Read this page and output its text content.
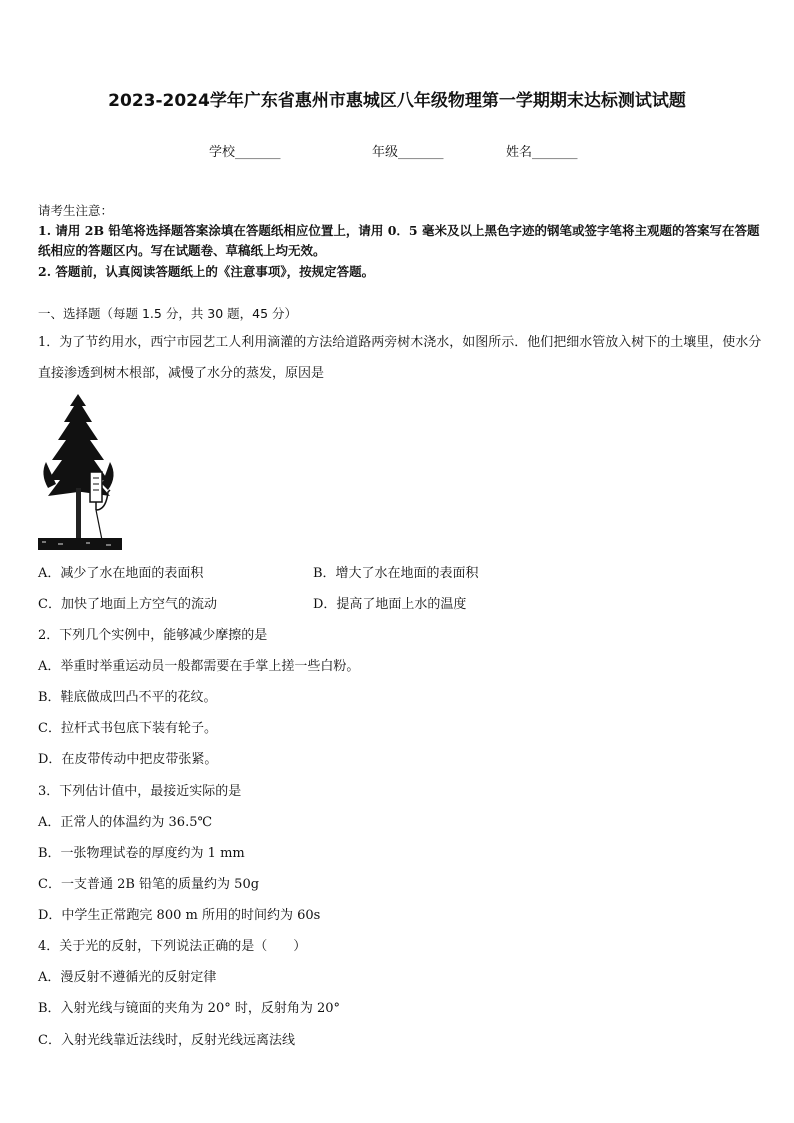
2023-2024学年广东省惠州市惠城区八年级物理第一学期期末达标测试试题
学校_______	年级_______	姓名_______
请考生注意：
1. 请用 2B 铅笔将选择题答案涂填在答题纸相应位置上，请用 0．5 毫米及以上黑色字迹的钢笔或签字笔将主观题的答案写在答题纸相应的答题区内。写在试题卷、草稿纸上均无效。
2. 答题前，认真阅读答题纸上的《注意事项》，按规定答题。
一、选择题（每题 1.5 分，共 30 题，45 分）
1．为了节约用水，西宁市园艺工人利用滴灌的方法给道路两旁树木浇水，如图所示．他们把细水管放入树下的土壤里，使水分直接渗透到树木根部，减慢了水分的蒸发，原因是
A．减少了水在地面的表面积	B．增大了水在地面的表面积
C．加快了地面上方空气的流动	D．提高了地面上水的温度
2．下列几个实例中，能够减少摩擦的是
A．举重时举重运动员一般都需要在手掌上搓一些白粉。
B．鞋底做成凹凸不平的花纹。
C．拉杆式书包底下装有轮子。
D．在皮带传动中把皮带张紧。
3．下列估计值中，最接近实际的是
A．正常人的体温约为 36.5℃
B．一张物理试卷的厚度约为 1 mm
C．一支普通 2B 铅笔的质量约为 50g
D．中学生正常跑完 800 m 所用的时间约为 60s
4．关于光的反射，下列说法正确的是（　　）
A．漫反射不遵循光的反射定律
B．入射光线与镜面的夹角为 20° 时，反射角为 20°
C．入射光线靠近法线时，反射光线远离法线
